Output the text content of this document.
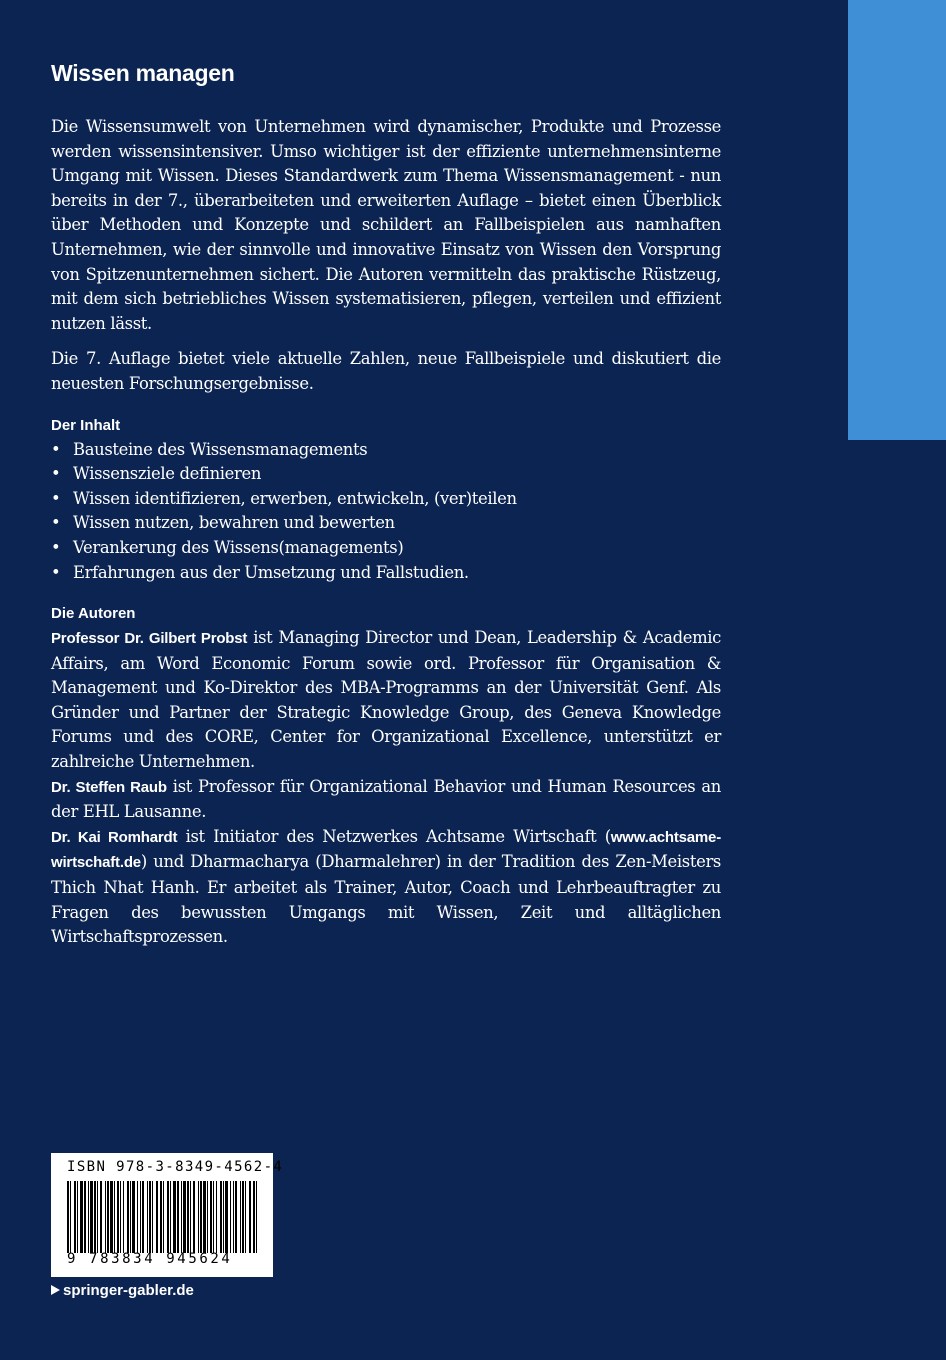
Wissen managen

Die Wissensumwelt von Unternehmen wird dynamischer, Produkte und Prozesse werden wissensintensiver. Umso wichtiger ist der effiziente unternehmensinterne Umgang mit Wissen. Dieses Standardwerk zum Thema Wissensmanagement - nun bereits in der 7., überarbeiteten und erweiterten Auflage – bietet einen Überblick über Methoden und Konzepte und schildert an Fallbeispielen aus namhaften Unternehmen, wie der sinnvolle und innovative Einsatz von Wissen den Vorsprung von Spitzenunternehmen sichert. Die Autoren vermitteln das praktische Rüstzeug, mit dem sich betriebliches Wissen systematisieren, pflegen, verteilen und effizient nutzen lässt.

Die 7. Auflage bietet viele aktuelle Zahlen, neue Fallbeispiele und diskutiert die neuesten Forschungsergebnisse.

Der Inhalt
• Bausteine des Wissensmanagements
• Wissensziele definieren
• Wissen identifizieren, erwerben, entwickeln, (ver)teilen
• Wissen nutzen, bewahren und bewerten
• Verankerung des Wissens(managements)
• Erfahrungen aus der Umsetzung und Fallstudien.
Die Autoren

Professor Dr. Gilbert Probst ist Managing Director und Dean, Leadership & Academic Affairs, am Word Economic Forum sowie ord. Professor für Organisation & Management und Ko-Direktor des MBA-Programms an der Universität Genf. Als Gründer und Partner der Strategic Knowledge Group, des Geneva Knowledge Forums und des CORE, Center for Organizational Excellence, unterstützt er zahlreiche Unternehmen.

Dr. Steffen Raub ist Professor für Organizational Behavior und Human Resources an der EHL Lausanne.

Dr. Kai Romhardt ist Initiator des Netzwerkes Achtsame Wirtschaft (www.achtsame-wirtschaft.de) und Dharmacharya (Dharmalehrer) in der Tradition des Zen-Meisters Thich Nhat Hanh. Er arbeitet als Trainer, Autor, Coach und Lehrbeauftragter zu Fragen des bewussten Umgangs mit Wissen, Zeit und alltäglichen Wirtschaftsprozessen.

ISBN 978-3-8349-4562-4
9 783834 945624
springer-gabler.de
